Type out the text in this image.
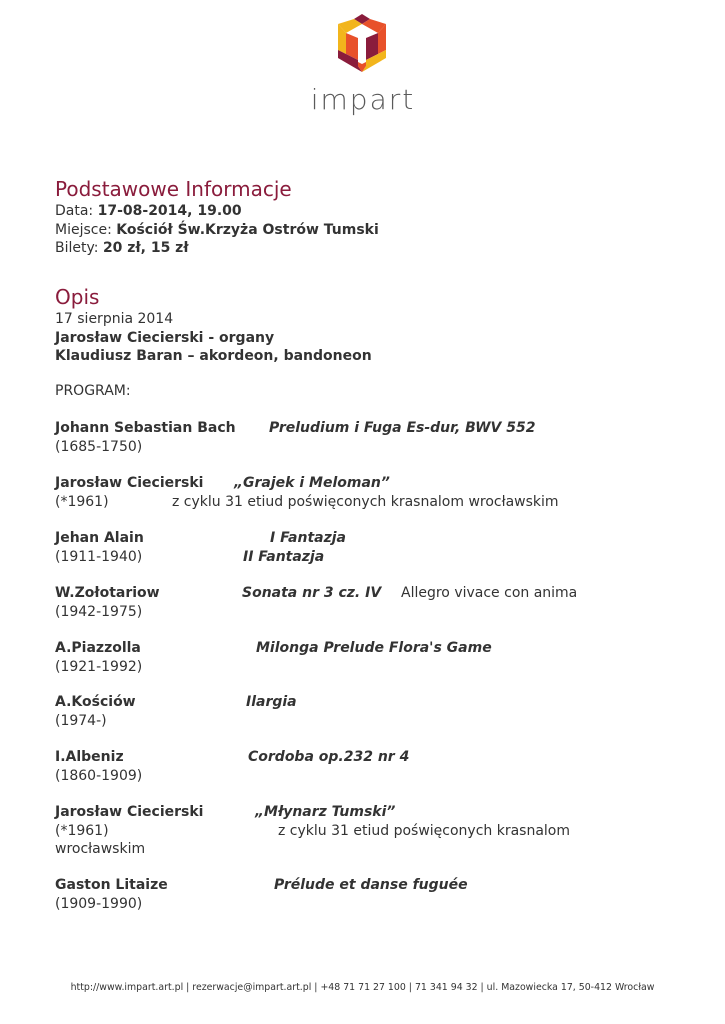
impart
Podstawowe Informacje
Data: 17-08-2014, 19.00
Miejsce: Kościół Św.Krzyża Ostrów Tumski
Bilety: 20 zł, 15 zł
Opis
17 sierpnia 2014
Jarosław Ciecierski - organy
Klaudiusz Baran – akordeon, bandoneon
PROGRAM:
Johann Sebastian Bach
(1685-1750)
Preludium i Fuga Es-dur, BWV 552
Jarosław Ciecierski
(*1961)
„Grajek i Meloman”
z cyklu 31 etiud poświęconych krasnalom wrocławskim
Jehan Alain
(1911-1940)
I Fantazja
II Fantazja
W.Zołotariow
(1942-1975)
Sonata nr 3 cz. IV Allegro vivace con anima
A.Piazzolla
(1921-1992)
Milonga Prelude Flora's Game
A.Kościów
(1974-)
Ilargia
I.Albeniz
(1860-1909)
Cordoba op.232 nr 4
Jarosław Ciecierski
(*1961)
wrocławskim
„Młynarz Tumski”
z cyklu 31 etiud poświęconych krasnalom
Gaston Litaize
(1909-1990)
Prélude et danse fuguée
http://www.impart.art.pl | rezerwacje@impart.art.pl | +48 71 71 27 100 | 71 341 94 32 | ul. Mazowiecka 17, 50-412 Wrocław
